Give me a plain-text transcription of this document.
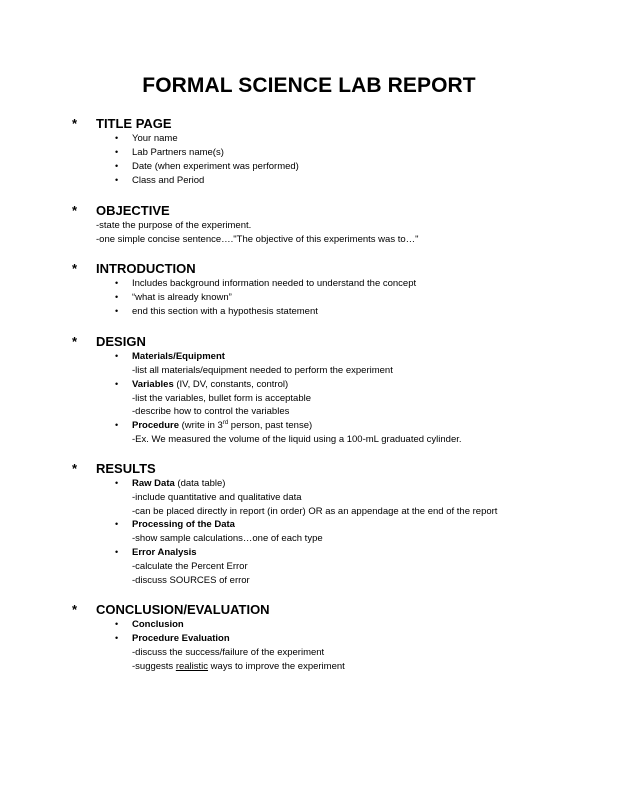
FORMAL SCIENCE LAB REPORT
* TITLE PAGE
• Your name
• Lab Partners name(s)
• Date (when experiment was performed)
• Class and Period
* OBJECTIVE
-state the purpose of the experiment.
-one simple concise sentence…."The objective of this experiments was to…"
* INTRODUCTION
• Includes background information needed to understand the concept
• “what is already known”
• end this section with a hypothesis statement
* DESIGN
• Materials/Equipment
-list all materials/equipment needed to perform the experiment
• Variables (IV, DV, constants, control)
-list the variables, bullet form is acceptable
-describe how to control the variables
• Procedure (write in 3rd person, past tense)
-Ex. We measured the volume of the liquid using a 100-mL graduated cylinder.
* RESULTS
• Raw Data (data table)
-include quantitative and qualitative data
-can be placed directly in report (in order) OR as an appendage at the end of the report
• Processing of the Data
-show sample calculations…one of each type
• Error Analysis
-calculate the Percent Error
-discuss SOURCES of error
* CONCLUSION/EVALUATION
• Conclusion
• Procedure Evaluation
-discuss the success/failure of the experiment
-suggests realistic ways to improve the experiment
